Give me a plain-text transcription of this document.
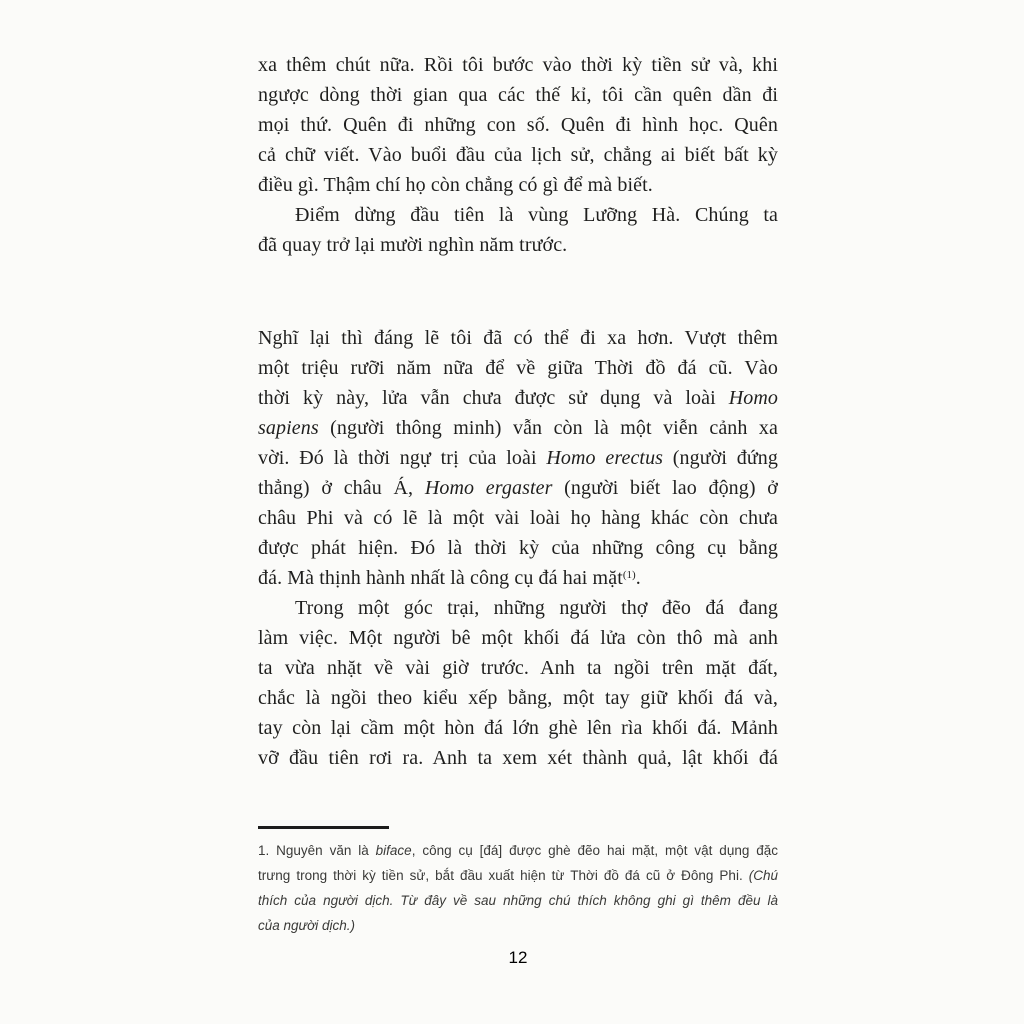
xa thêm chút nữa. Rồi tôi bước vào thời kỳ tiền sử và, khi
ngược dòng thời gian qua các thế kỉ, tôi cần quên dần đi
mọi thứ. Quên đi những con số. Quên đi hình học. Quên
cả chữ viết. Vào buổi đầu của lịch sử, chẳng ai biết bất kỳ
điều gì. Thậm chí họ còn chẳng có gì để mà biết.
Điểm dừng đầu tiên là vùng Lưỡng Hà. Chúng ta
đã quay trở lại mười nghìn năm trước.
Nghĩ lại thì đáng lẽ tôi đã có thể đi xa hơn. Vượt thêm
một triệu rưỡi năm nữa để về giữa Thời đồ đá cũ. Vào
thời kỳ này, lửa vẫn chưa được sử dụng và loài Homo
sapiens (người thông minh) vẫn còn là một viễn cảnh xa
vời. Đó là thời ngự trị của loài Homo erectus (người đứng
thẳng) ở châu Á, Homo ergaster (người biết lao động) ở
châu Phi và có lẽ là một vài loài họ hàng khác còn chưa
được phát hiện. Đó là thời kỳ của những công cụ bằng
đá. Mà thịnh hành nhất là công cụ đá hai mặt$^{(1)}$.
Trong một góc trại, những người thợ đẽo đá đang
làm việc. Một người bê một khối đá lửa còn thô mà anh
ta vừa nhặt về vài giờ trước. Anh ta ngồi trên mặt đất,
chắc là ngồi theo kiểu xếp bằng, một tay giữ khối đá và,
tay còn lại cầm một hòn đá lớn ghè lên rìa khối đá. Mảnh
vỡ đầu tiên rơi ra. Anh ta xem xét thành quả, lật khối đá
1. Nguyên văn là biface, công cụ [đá] được ghè đẽo hai mặt, một vật dụng đặc
trưng trong thời kỳ tiền sử, bắt đầu xuất hiện từ Thời đồ đá cũ ở Đông Phi. (Chú
thích của người dịch. Từ đây về sau những chú thích không ghi gì thêm đều là
của người dịch.)
12
